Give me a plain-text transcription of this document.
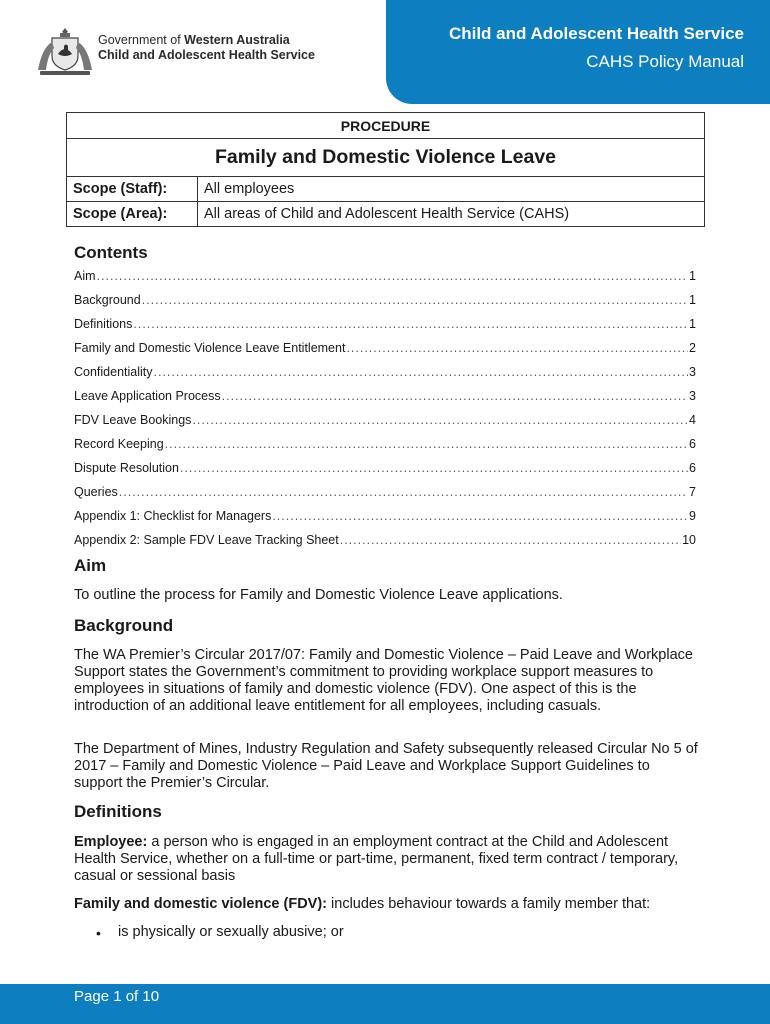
Government of Western Australia
Child and Adolescent Health Service
Child and Adolescent Health Service
CAHS Policy Manual
PROCEDURE	
Family and Domestic Violence Leave	
Scope (Staff):	All employees
Scope (Area):	All areas of Child and Adolescent Health Service (CAHS)
Contents
Aim .....	1
Background .....	1
Definitions .....	1
Family and Domestic Violence Leave Entitlement .....	2
Confidentiality .....	3
Leave Application Process .....	3
FDV Leave Bookings .....	4
Record Keeping .....	6
Dispute Resolution .....	6
Queries .....	7
Appendix 1: Checklist for Managers .....	9
Appendix 2: Sample FDV Leave Tracking Sheet .....	10
Aim
To outline the process for Family and Domestic Violence Leave applications.
Background
The WA Premier’s Circular 2017/07: Family and Domestic Violence – Paid Leave and Workplace Support states the Government’s commitment to providing workplace support measures to employees in situations of family and domestic violence (FDV). One aspect of this is the introduction of an additional leave entitlement for all employees, including casuals.
The Department of Mines, Industry Regulation and Safety subsequently released Circular No 5 of 2017 – Family and Domestic Violence – Paid Leave and Workplace Support Guidelines to support the Premier’s Circular.
Definitions
Employee: a person who is engaged in an employment contract at the Child and Adolescent Health Service, whether on a full-time or part-time, permanent, fixed term contract / temporary, casual or sessional basis
Family and domestic violence (FDV): includes behaviour towards a family member that:
• is physically or sexually abusive; or
Page 1 of 10
